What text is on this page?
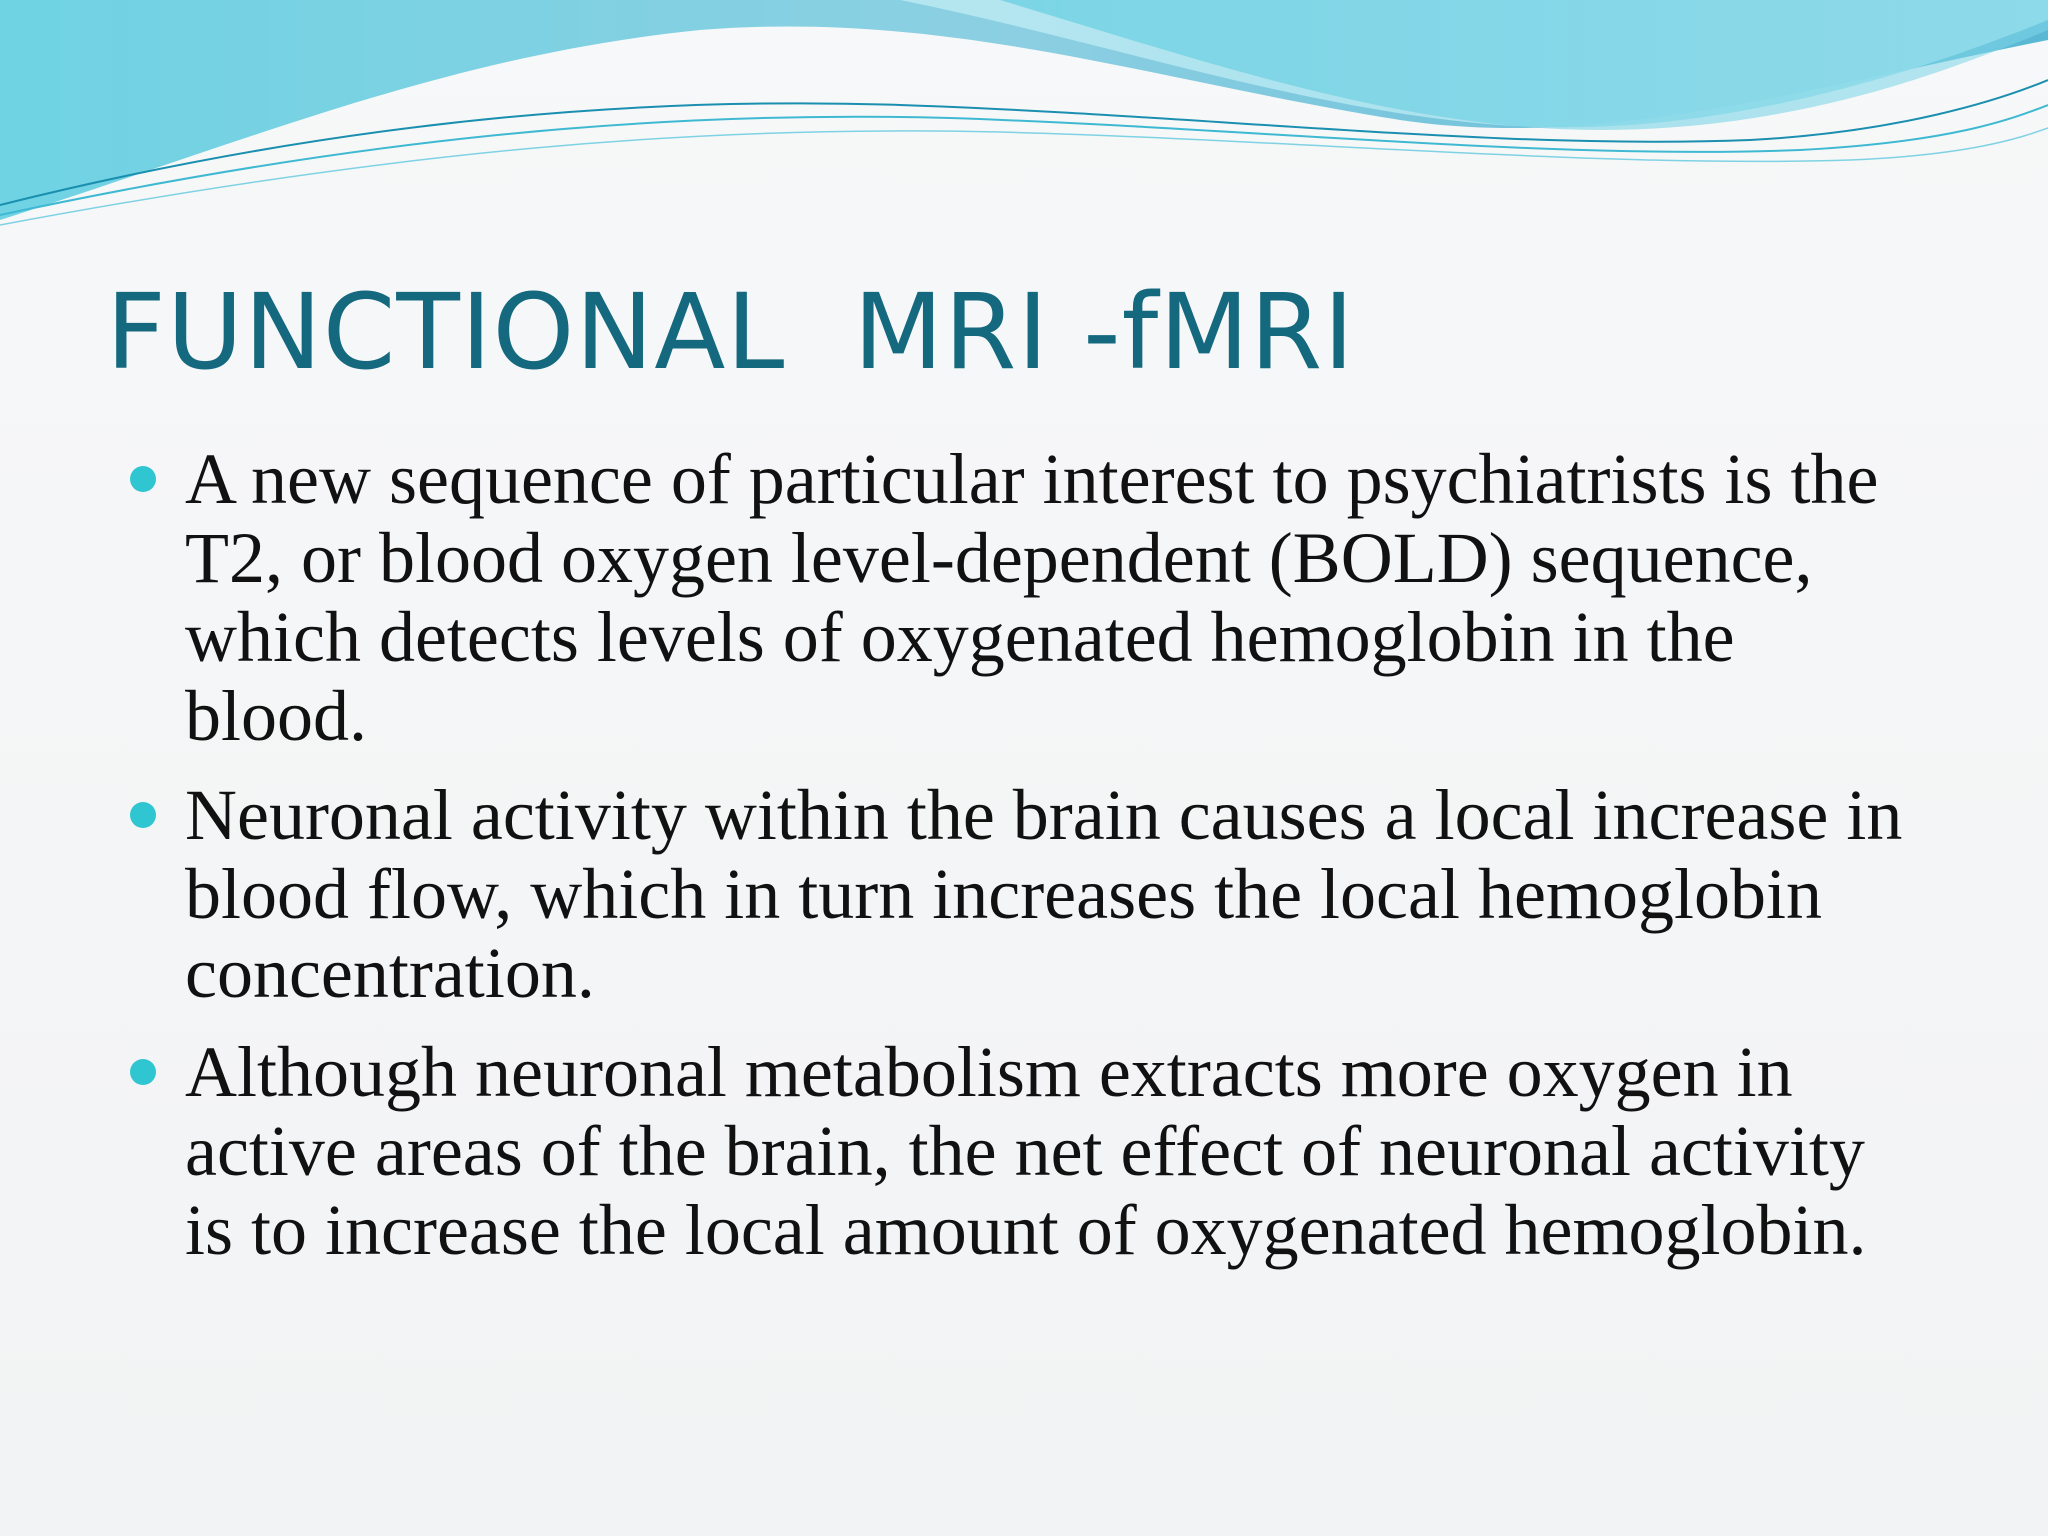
FUNCTIONAL  MRI -fMRI
A new sequence of particular interest to psychiatrists is the T2, or blood oxygen level-dependent (BOLD) sequence, which detects levels of oxygenated hemoglobin in the blood.
Neuronal activity within the brain causes a local increase in blood flow, which in turn increases the local hemoglobin concentration.
Although neuronal metabolism extracts more oxygen in active areas of the brain, the net effect of neuronal activity is to increase the local amount of oxygenated hemoglobin.
